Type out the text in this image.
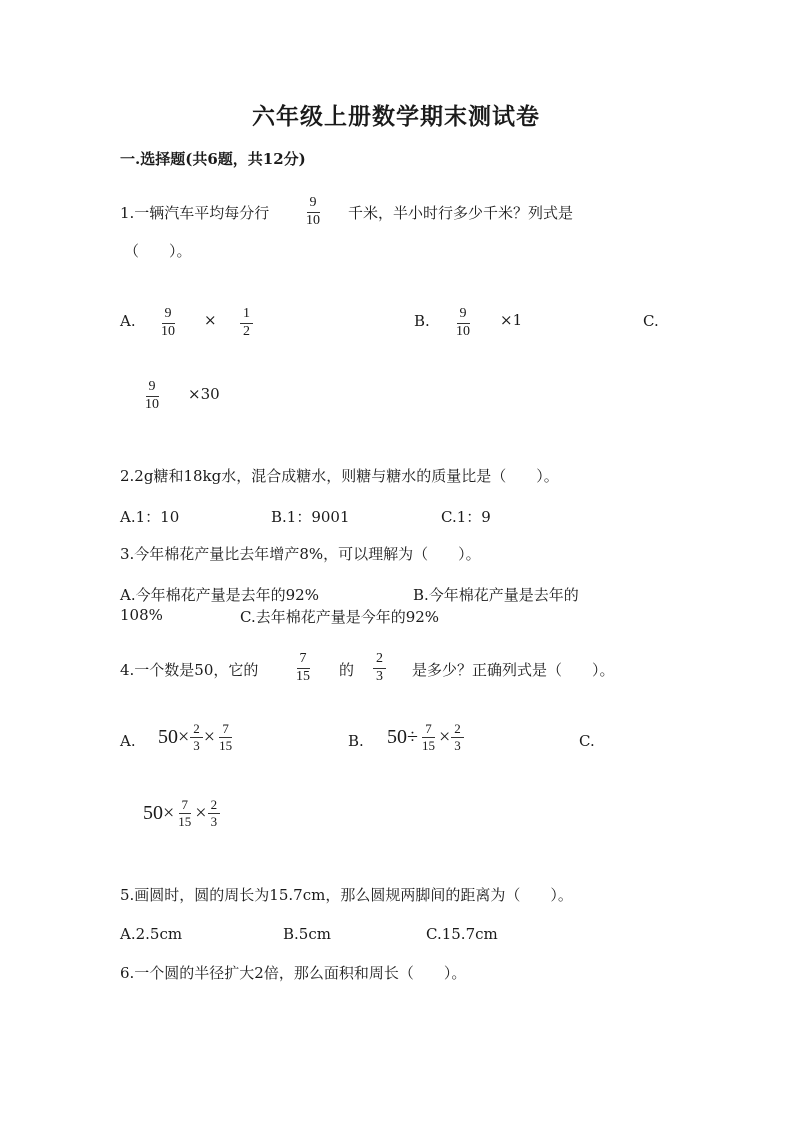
六年级上册数学期末测试卷
一.选择题(共6题，共12分)
1.一辆汽车平均每分行 $\frac{9}{10}$ 千米，半小时行多少千米？列式是
（　　）。
A. $\frac{9}{10} \times \frac{1}{2}$	B. $\frac{9}{10} \times 1$	C.
$\frac{9}{10} \times 30$
2.2g糖和18kg水，混合成糖水，则糖与糖水的质量比是（　　）。
A.1：10	B.1：9001	C.1：9
3.今年棉花产量比去年增产8%，可以理解为（　　）。
A.今年棉花产量是去年的92%	B.今年棉花产量是去年的
108%	C.去年棉花产量是今年的92%
4.一个数是50，它的 $\frac{7}{15}$ 的 $\frac{2}{3}$ 是多少？正确列式是（　　）。
A. $50 \times \frac{2}{3} \times \frac{7}{15}$	B. $50 \div \frac{7}{15} \times \frac{2}{3}$	C.
$50 \times \frac{7}{15} \times \frac{2}{3}$
5.画圆时，圆的周长为15.7cm，那么圆规两脚间的距离为（　　）。
A.2.5cm	B.5cm	C.15.7cm
6.一个圆的半径扩大2倍，那么面积和周长（　　）。
